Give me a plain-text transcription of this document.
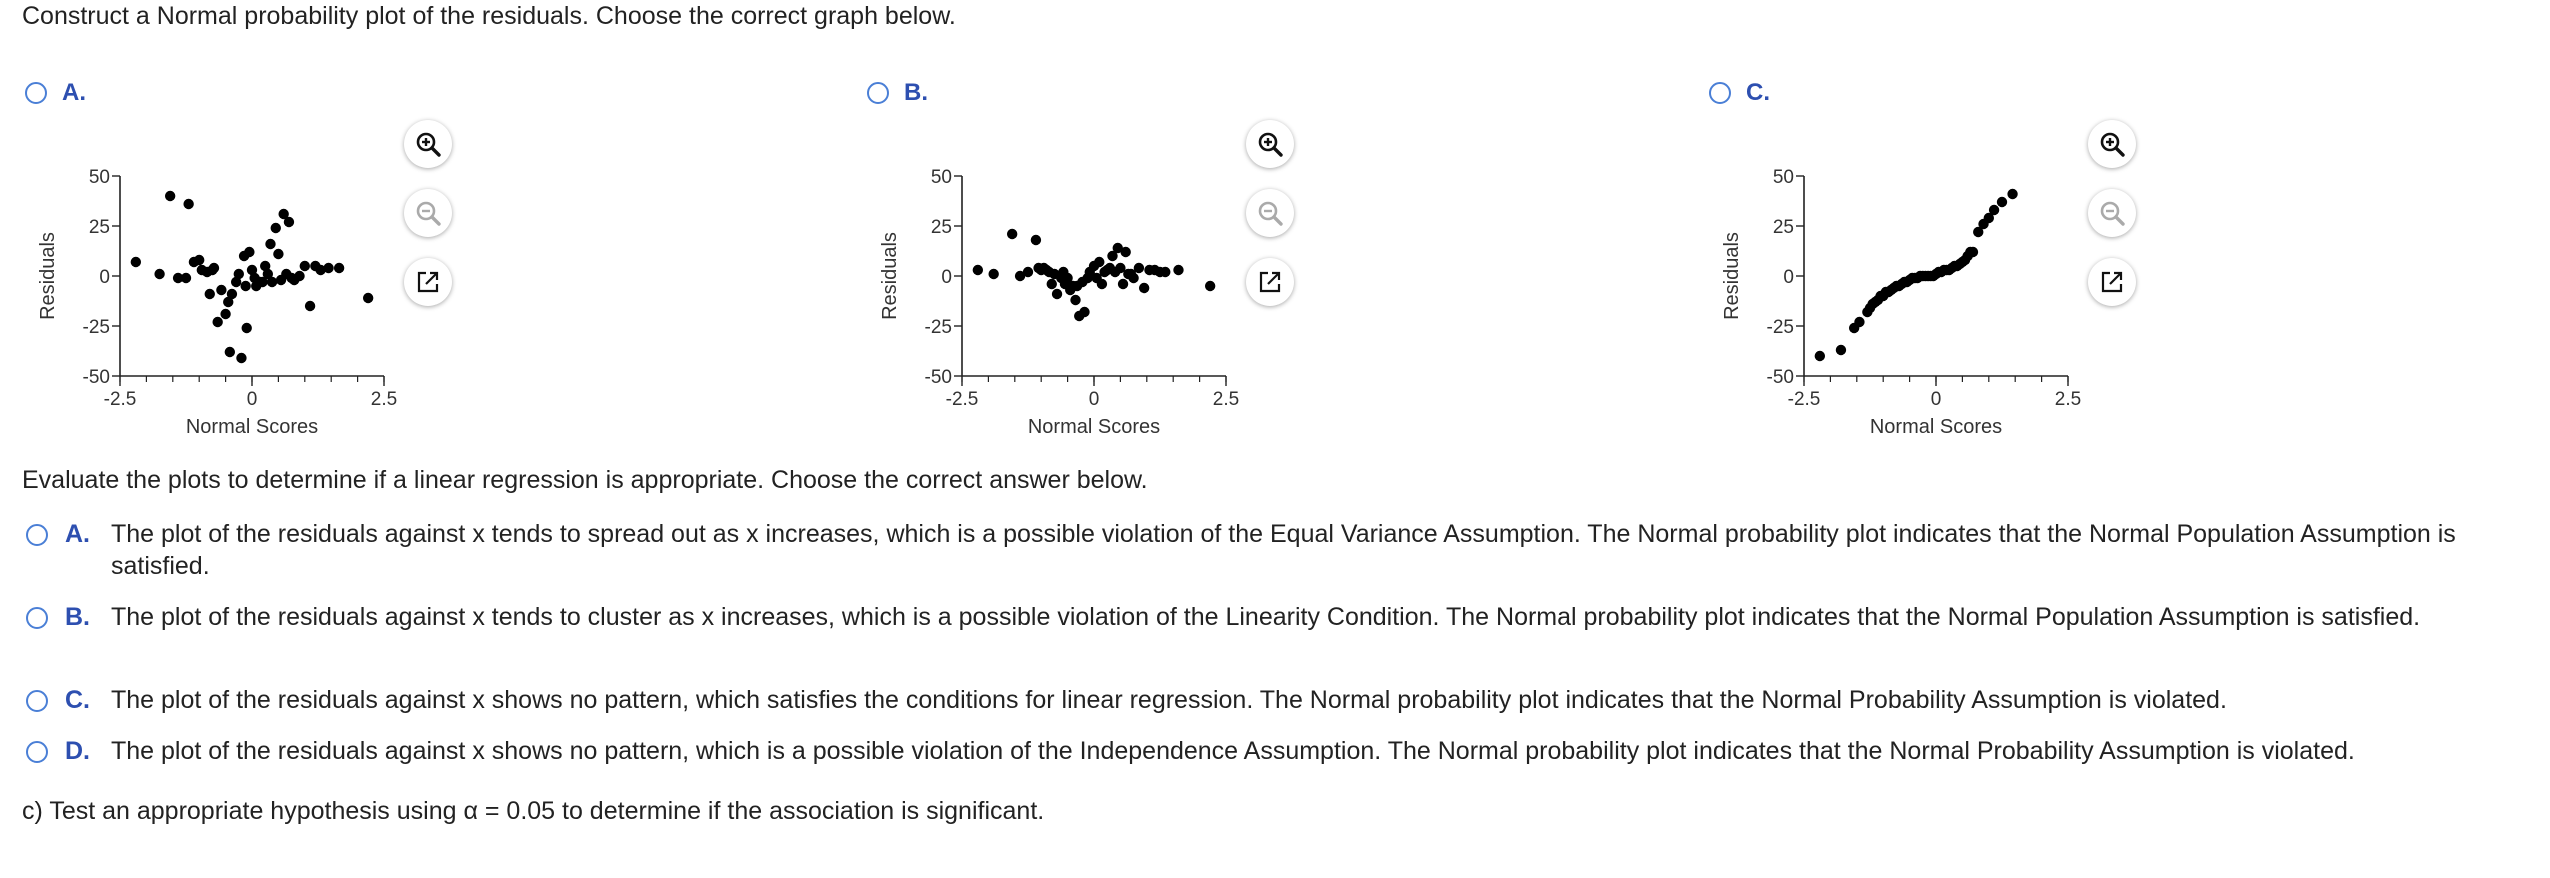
Construct a Normal probability plot of the residuals. Choose the correct graph below.
A.
50
25
0
-25
-50
-2.5	0	2.5
Normal Scores
Residuals
B.
50
25
0
-25
-50
-2.5	0	2.5
Normal Scores
Residuals
C.
50
25
0
-25
-50
-2.5	0	2.5
Normal Scores
Residuals
Evaluate the plots to determine if a linear regression is appropriate. Choose the correct answer below.
A. The plot of the residuals against x tends to spread out as x increases, which is a possible violation of the Equal Variance Assumption. The Normal probability plot indicates that the Normal Population Assumption is satisfied.
B. The plot of the residuals against x tends to cluster as x increases, which is a possible violation of the Linearity Condition. The Normal probability plot indicates that the Normal Population Assumption is satisfied.
C. The plot of the residuals against x shows no pattern, which satisfies the conditions for linear regression. The Normal probability plot indicates that the Normal Probability Assumption is violated.
D. The plot of the residuals against x shows no pattern, which is a possible violation of the Independence Assumption. The Normal probability plot indicates that the Normal Probability Assumption is violated.
c) Test an appropriate hypothesis using α = 0.05 to determine if the association is significant.
